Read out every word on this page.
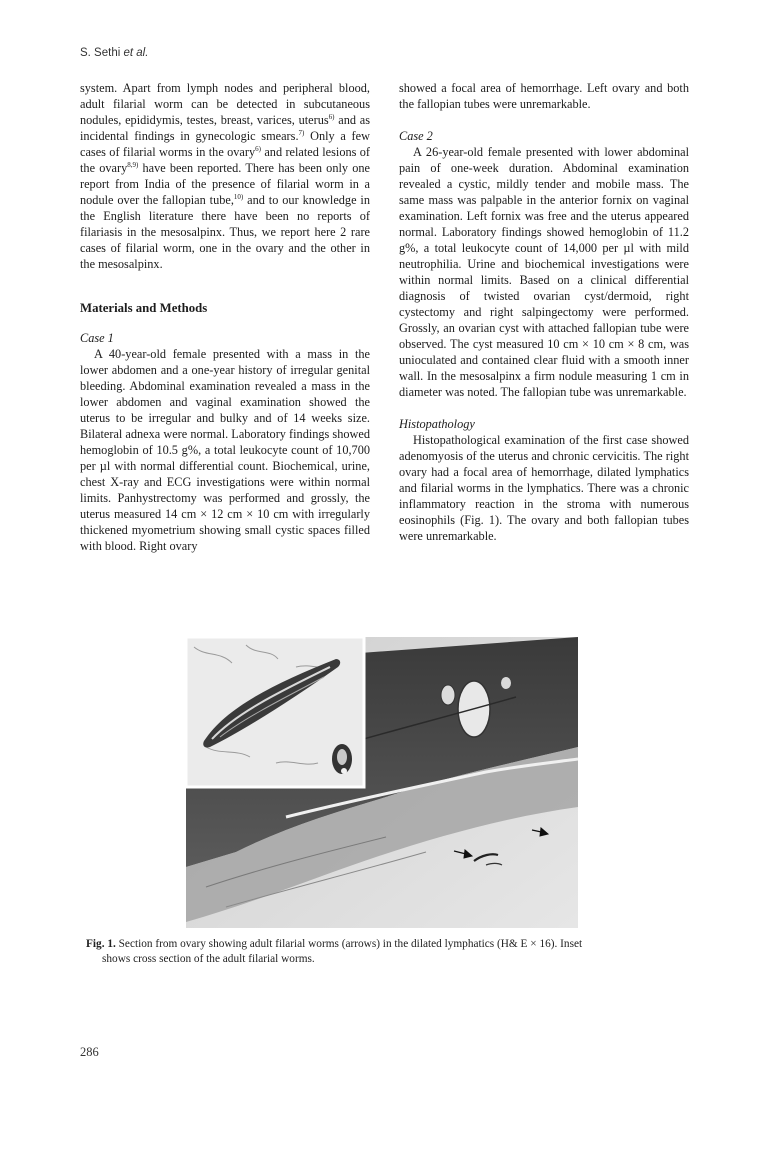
S. Sethi et al.

system. Apart from lymph nodes and peripheral blood, adult filarial worm can be detected in subcutaneous nodules, epididymis, testes, breast, varices, uterus$^{6)}$ and as incidental findings in gynecologic smears.$^{7)}$ Only a few cases of filarial worms in the ovary$^{6)}$ and related lesions of the ovary$^{8,9)}$ have been reported. There has been only one report from India of the presence of filarial worm in a nodule over the fallopian tube,$^{10)}$ and to our knowledge in the English literature there have been no reports of filariasis in the mesosalpinx. Thus, we report here 2 rare cases of filarial worm, one in the ovary and the other in the mesosalpinx.

Materials and Methods
Case 1

A 40-year-old female presented with a mass in the lower abdomen and a one-year history of irregular genital bleeding. Abdominal examination revealed a mass in the lower abdomen and vaginal examination showed the uterus to be irregular and bulky and of 14 weeks size. Bilateral adnexa were normal. Laboratory findings showed hemoglobin of 10.5 g%, a total leukocyte count of 10,700 per µl with normal differential count. Biochemical, urine, chest X-ray and ECG investigations were within normal limits. Panhystrectomy was performed and grossly, the uterus measured 14 cm × 12 cm × 10 cm with irregularly thickened myometrium showing small cystic spaces filled with blood. Right ovary

showed a focal area of hemorrhage. Left ovary and both the fallopian tubes were unremarkable.

Case 2

A 26-year-old female presented with lower abdominal pain of one-week duration. Abdominal examination revealed a cystic, mildly tender and mobile mass. The same mass was palpable in the anterior fornix on vaginal examination. Left fornix was free and the uterus appeared normal. Laboratory findings showed hemoglobin of 11.2 g%, a total leukocyte count of 14,000 per µl with mild neutrophilia. Urine and biochemical investigations were within normal limits. Based on a clinical differential diagnosis of twisted ovarian cyst/dermoid, right cystectomy and right salpingectomy were performed. Grossly, an ovarian cyst with attached fallopian tube were observed. The cyst measured 10 cm × 10 cm × 8 cm, was unioculated and contained clear fluid with a smooth inner wall. In the mesosalpinx a firm nodule measuring 1 cm in diameter was noted. The fallopian tube was unremarkable.

Histopathology

Histopathological examination of the first case showed adenomyosis of the uterus and chronic cervicitis. The right ovary had a focal area of hemorrhage, dilated lymphatics and filarial worms in the lymphatics. There was a chronic inflammatory reaction in the stroma with numerous eosinophils (Fig. 1). The ovary and both fallopian tubes were unremarkable.

Fig. 1. Section from ovary showing adult filarial worms (arrows) in the dilated lymphatics (H& E × 16). Inset
shows cross section of the adult filarial worms.
286
